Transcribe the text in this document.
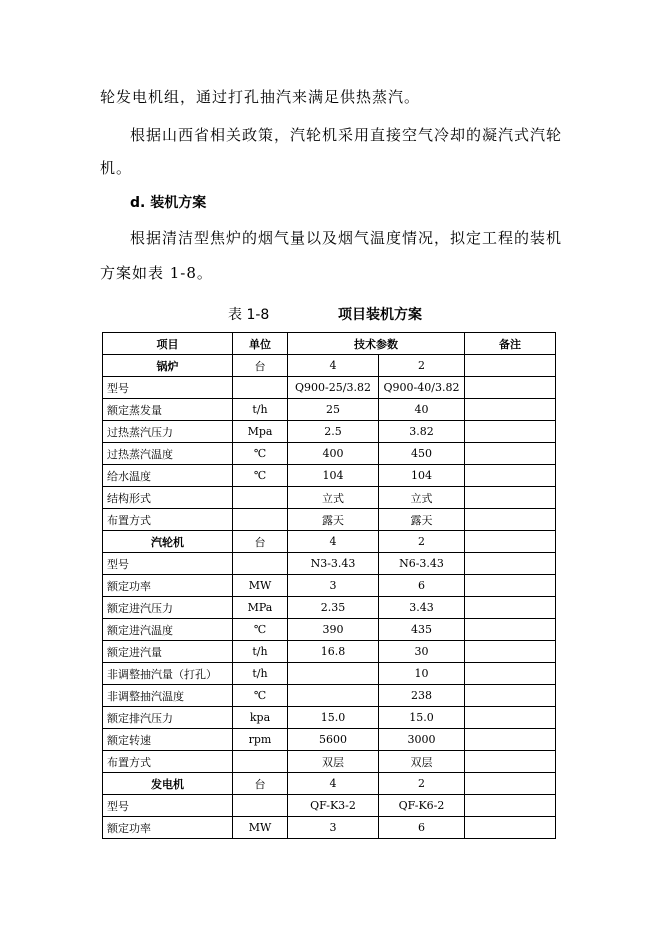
轮发电机组，通过打孔抽汽来满足供热蒸汽。
根据山西省相关政策，汽轮机采用直接空气冷却的凝汽式汽轮
机。
d. 装机方案
根据清洁型焦炉的烟气量以及烟气温度情况，拟定工程的装机
方案如表 1-8。
表 1-8	项目装机方案
项目	单位	技术参数		备注
锅炉	台	4	2	
型号		Q900-25/3.82	Q900-40/3.82	
额定蒸发量	t/h	25	40	
过热蒸汽压力	Mpa	2.5	3.82	
过热蒸汽温度	℃	400	450	
给水温度	℃	104	104	
结构形式		立式	立式	
布置方式		露天	露天	
汽轮机	台	4	2	
型号		N3-3.43	N6-3.43	
额定功率	MW	3	6	
额定进汽压力	MPa	2.35	3.43	
额定进汽温度	℃	390	435	
额定进汽量	t/h	16.8	30	
非调整抽汽量（打孔）	t/h		10	
非调整抽汽温度	℃		238	
额定排汽压力	kpa	15.0	15.0	
额定转速	rpm	5600	3000	
布置方式		双层	双层	
发电机	台	4	2	
型号		QF-K3-2	QF-K6-2	
额定功率	MW	3	6	
